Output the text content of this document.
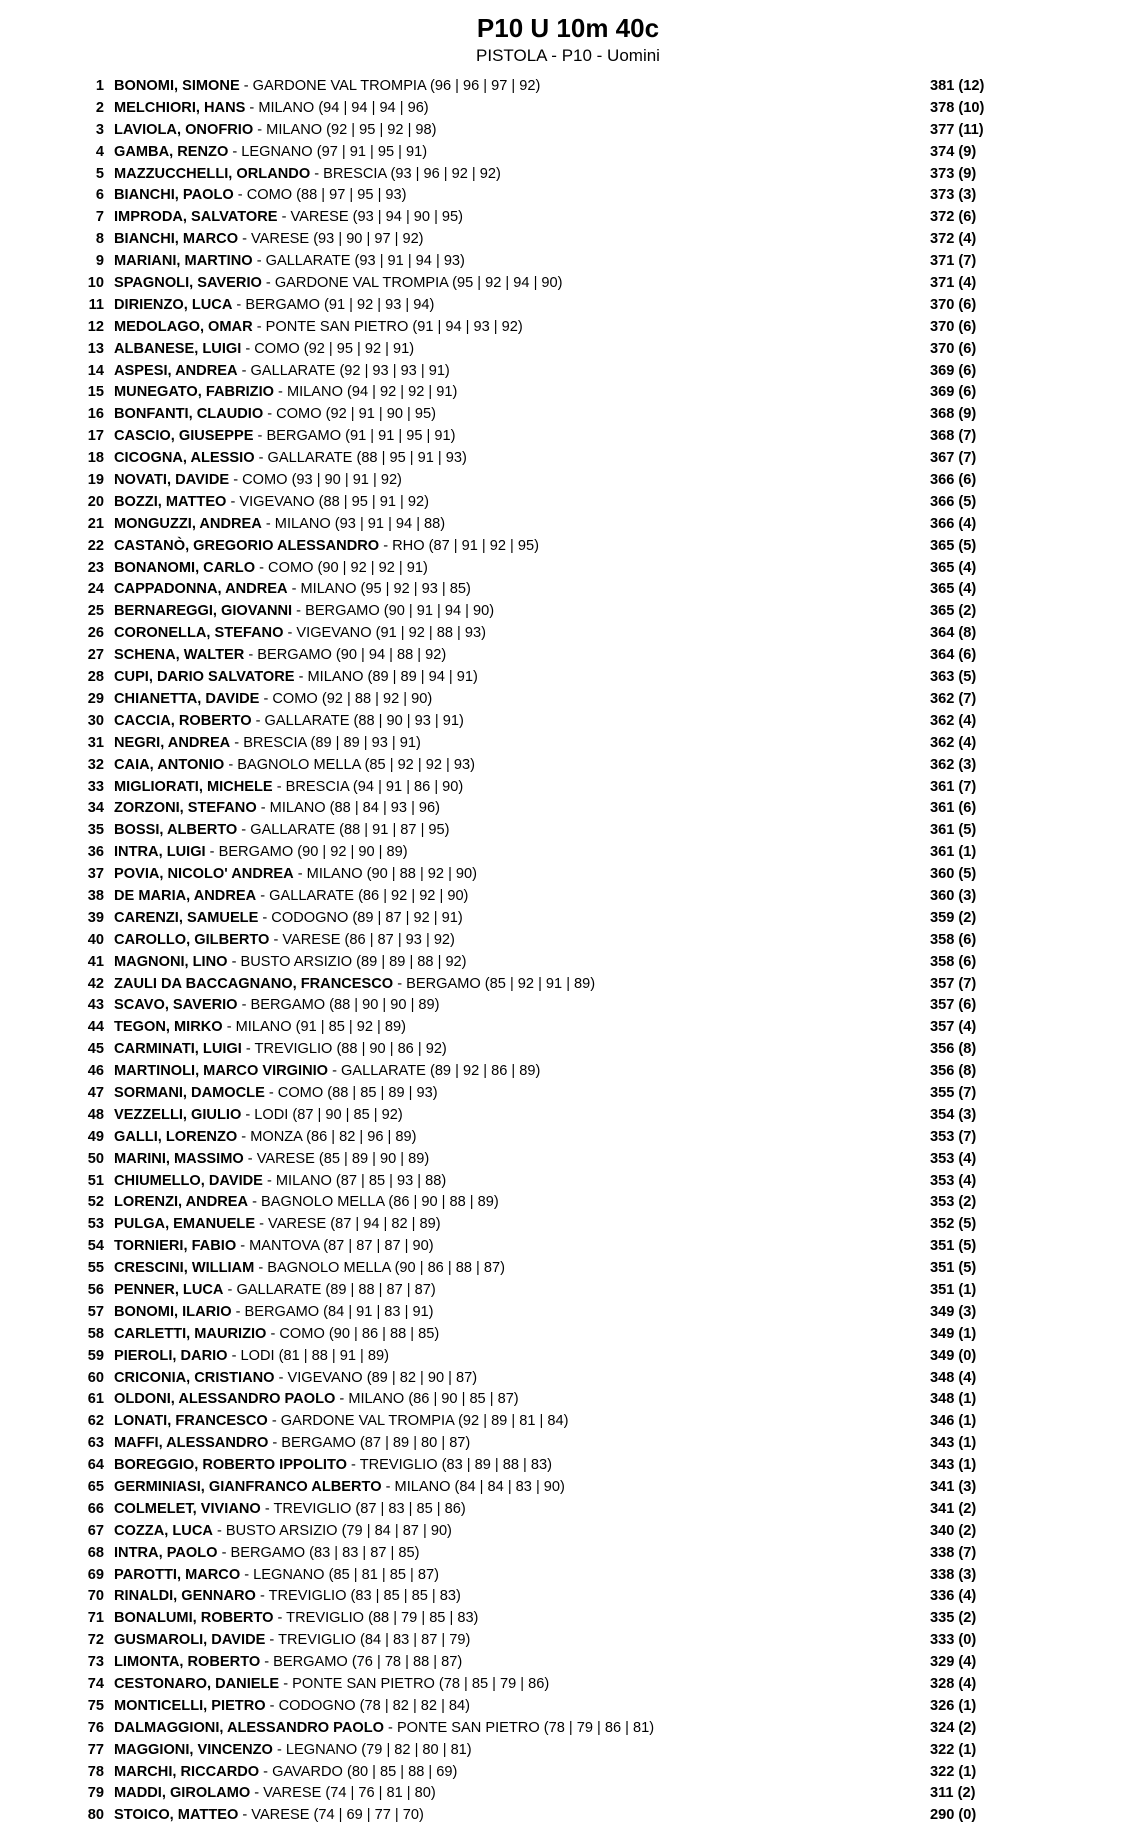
P10 U 10m 40c
PISTOLA - P10 - Uomini
1 BONOMI, SIMONE - GARDONE VAL TROMPIA (96 | 96 | 97 | 92)	381 (12)
2 MELCHIORI, HANS - MILANO (94 | 94 | 94 | 96)	378 (10)
3 LAVIOLA, ONOFRIO - MILANO (92 | 95 | 92 | 98)	377 (11)
4 GAMBA, RENZO - LEGNANO (97 | 91 | 95 | 91)	374 (9)
5 MAZZUCCHELLI, ORLANDO - BRESCIA (93 | 96 | 92 | 92)	373 (9)
6 BIANCHI, PAOLO - COMO (88 | 97 | 95 | 93)	373 (3)
7 IMPRODA, SALVATORE - VARESE (93 | 94 | 90 | 95)	372 (6)
8 BIANCHI, MARCO - VARESE (93 | 90 | 97 | 92)	372 (4)
9 MARIANI, MARTINO - GALLARATE (93 | 91 | 94 | 93)	371 (7)
10 SPAGNOLI, SAVERIO - GARDONE VAL TROMPIA (95 | 92 | 94 | 90)	371 (4)
11 DIRIENZO, LUCA - BERGAMO (91 | 92 | 93 | 94)	370 (6)
12 MEDOLAGO, OMAR - PONTE SAN PIETRO (91 | 94 | 93 | 92)	370 (6)
13 ALBANESE, LUIGI - COMO (92 | 95 | 92 | 91)	370 (6)
14 ASPESI, ANDREA - GALLARATE (92 | 93 | 93 | 91)	369 (6)
15 MUNEGATO, FABRIZIO - MILANO (94 | 92 | 92 | 91)	369 (6)
16 BONFANTI, CLAUDIO - COMO (92 | 91 | 90 | 95)	368 (9)
17 CASCIO, GIUSEPPE - BERGAMO (91 | 91 | 95 | 91)	368 (7)
18 CICOGNA, ALESSIO - GALLARATE (88 | 95 | 91 | 93)	367 (7)
19 NOVATI, DAVIDE - COMO (93 | 90 | 91 | 92)	366 (6)
20 BOZZI, MATTEO - VIGEVANO (88 | 95 | 91 | 92)	366 (5)
21 MONGUZZI, ANDREA - MILANO (93 | 91 | 94 | 88)	366 (4)
22 CASTANÒ, GREGORIO ALESSANDRO - RHO (87 | 91 | 92 | 95)	365 (5)
23 BONANOMI, CARLO - COMO (90 | 92 | 92 | 91)	365 (4)
24 CAPPADONNA, ANDREA - MILANO (95 | 92 | 93 | 85)	365 (4)
25 BERNAREGGI, GIOVANNI - BERGAMO (90 | 91 | 94 | 90)	365 (2)
26 CORONELLA, STEFANO - VIGEVANO (91 | 92 | 88 | 93)	364 (8)
27 SCHENA, WALTER - BERGAMO (90 | 94 | 88 | 92)	364 (6)
28 CUPI, DARIO SALVATORE - MILANO (89 | 89 | 94 | 91)	363 (5)
29 CHIANETTA, DAVIDE - COMO (92 | 88 | 92 | 90)	362 (7)
30 CACCIA, ROBERTO - GALLARATE (88 | 90 | 93 | 91)	362 (4)
31 NEGRI, ANDREA - BRESCIA (89 | 89 | 93 | 91)	362 (4)
32 CAIA, ANTONIO - BAGNOLO MELLA (85 | 92 | 92 | 93)	362 (3)
33 MIGLIORATI, MICHELE - BRESCIA (94 | 91 | 86 | 90)	361 (7)
34 ZORZONI, STEFANO - MILANO (88 | 84 | 93 | 96)	361 (6)
35 BOSSI, ALBERTO - GALLARATE (88 | 91 | 87 | 95)	361 (5)
36 INTRA, LUIGI - BERGAMO (90 | 92 | 90 | 89)	361 (1)
37 POVIA, NICOLO' ANDREA - MILANO (90 | 88 | 92 | 90)	360 (5)
38 DE MARIA, ANDREA - GALLARATE (86 | 92 | 92 | 90)	360 (3)
39 CARENZI, SAMUELE - CODOGNO (89 | 87 | 92 | 91)	359 (2)
40 CAROLLO, GILBERTO - VARESE (86 | 87 | 93 | 92)	358 (6)
41 MAGNONI, LINO - BUSTO ARSIZIO (89 | 89 | 88 | 92)	358 (6)
42 ZAULI DA BACCAGNANO, FRANCESCO - BERGAMO (85 | 92 | 91 | 89)	357 (7)
43 SCAVO, SAVERIO - BERGAMO (88 | 90 | 90 | 89)	357 (6)
44 TEGON, MIRKO - MILANO (91 | 85 | 92 | 89)	357 (4)
45 CARMINATI, LUIGI - TREVIGLIO (88 | 90 | 86 | 92)	356 (8)
46 MARTINOLI, MARCO VIRGINIO - GALLARATE (89 | 92 | 86 | 89)	356 (8)
47 SORMANI, DAMOCLE - COMO (88 | 85 | 89 | 93)	355 (7)
48 VEZZELLI, GIULIO - LODI (87 | 90 | 85 | 92)	354 (3)
49 GALLI, LORENZO - MONZA (86 | 82 | 96 | 89)	353 (7)
50 MARINI, MASSIMO - VARESE (85 | 89 | 90 | 89)	353 (4)
51 CHIUMELLO, DAVIDE - MILANO (87 | 85 | 93 | 88)	353 (4)
52 LORENZI, ANDREA - BAGNOLO MELLA (86 | 90 | 88 | 89)	353 (2)
53 PULGA, EMANUELE - VARESE (87 | 94 | 82 | 89)	352 (5)
54 TORNIERI, FABIO - MANTOVA (87 | 87 | 87 | 90)	351 (5)
55 CRESCINI, WILLIAM - BAGNOLO MELLA (90 | 86 | 88 | 87)	351 (5)
56 PENNER, LUCA - GALLARATE (89 | 88 | 87 | 87)	351 (1)
57 BONOMI, ILARIO - BERGAMO (84 | 91 | 83 | 91)	349 (3)
58 CARLETTI, MAURIZIO - COMO (90 | 86 | 88 | 85)	349 (1)
59 PIEROLI, DARIO - LODI (81 | 88 | 91 | 89)	349 (0)
60 CRICONIA, CRISTIANO - VIGEVANO (89 | 82 | 90 | 87)	348 (4)
61 OLDONI, ALESSANDRO PAOLO - MILANO (86 | 90 | 85 | 87)	348 (1)
62 LONATI, FRANCESCO - GARDONE VAL TROMPIA (92 | 89 | 81 | 84)	346 (1)
63 MAFFI, ALESSANDRO - BERGAMO (87 | 89 | 80 | 87)	343 (1)
64 BOREGGIO, ROBERTO IPPOLITO - TREVIGLIO (83 | 89 | 88 | 83)	343 (1)
65 GERMINIASI, GIANFRANCO ALBERTO - MILANO (84 | 84 | 83 | 90)	341 (3)
66 COLMELET, VIVIANO - TREVIGLIO (87 | 83 | 85 | 86)	341 (2)
67 COZZA, LUCA - BUSTO ARSIZIO (79 | 84 | 87 | 90)	340 (2)
68 INTRA, PAOLO - BERGAMO (83 | 83 | 87 | 85)	338 (7)
69 PAROTTI, MARCO - LEGNANO (85 | 81 | 85 | 87)	338 (3)
70 RINALDI, GENNARO - TREVIGLIO (83 | 85 | 85 | 83)	336 (4)
71 BONALUMI, ROBERTO - TREVIGLIO (88 | 79 | 85 | 83)	335 (2)
72 GUSMAROLI, DAVIDE - TREVIGLIO (84 | 83 | 87 | 79)	333 (0)
73 LIMONTA, ROBERTO - BERGAMO (76 | 78 | 88 | 87)	329 (4)
74 CESTONARO, DANIELE - PONTE SAN PIETRO (78 | 85 | 79 | 86)	328 (4)
75 MONTICELLI, PIETRO - CODOGNO (78 | 82 | 82 | 84)	326 (1)
76 DALMAGGIONI, ALESSANDRO PAOLO - PONTE SAN PIETRO (78 | 79 | 86 | 81)	324 (2)
77 MAGGIONI, VINCENZO - LEGNANO (79 | 82 | 80 | 81)	322 (1)
78 MARCHI, RICCARDO - GAVARDO (80 | 85 | 88 | 69)	322 (1)
79 MADDI, GIROLAMO - VARESE (74 | 76 | 81 | 80)	311 (2)
80 STOICO, MATTEO - VARESE (74 | 69 | 77 | 70)	290 (0)
